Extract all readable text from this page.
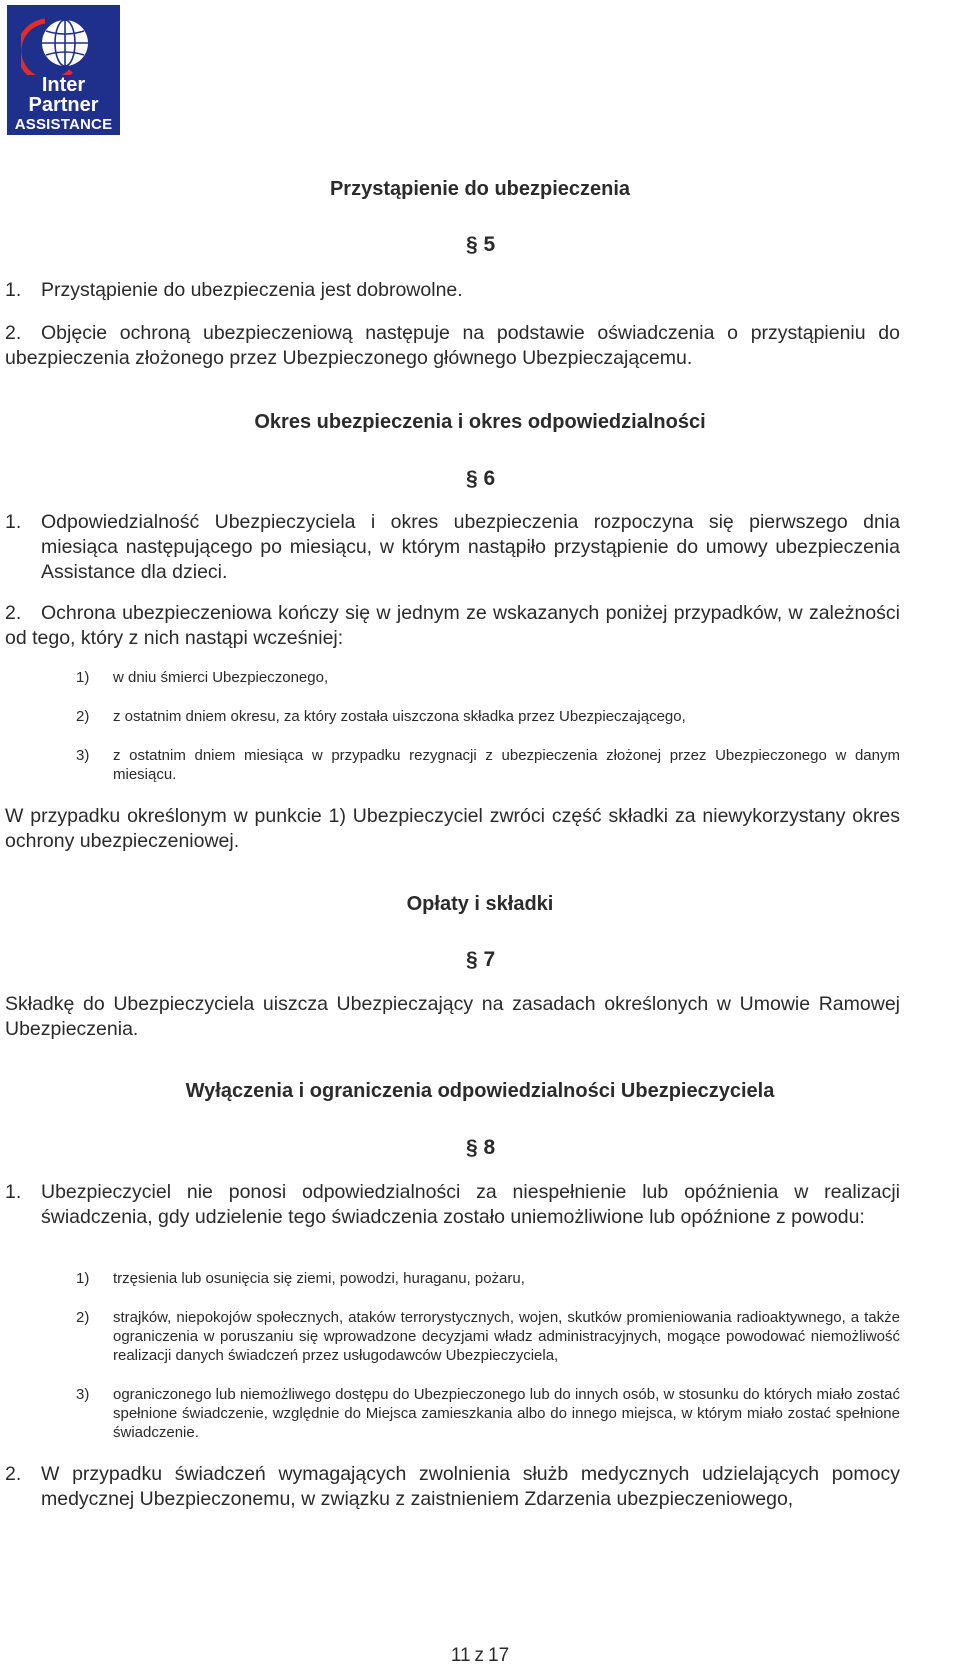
Inter
Partner
ASSISTANCE
Przystąpienie do ubezpieczenia
§ 5
1.	Przystąpienie do ubezpieczenia jest dobrowolne.
2. Objęcie ochroną ubezpieczeniową następuje na podstawie oświadczenia o przystąpieniu do ubezpieczenia złożonego przez Ubezpieczonego głównego Ubezpieczającemu.
Okres ubezpieczenia i okres odpowiedzialności
§ 6
1.	Odpowiedzialność Ubezpieczyciela i okres ubezpieczenia rozpoczyna się pierwszego dnia miesiąca następującego po miesiącu, w którym nastąpiło przystąpienie do umowy ubezpieczenia Assistance dla dzieci.
2. Ochrona ubezpieczeniowa kończy się w jednym ze wskazanych poniżej przypadków, w zależności od tego, który z nich nastąpi wcześniej:
1) w dniu śmierci Ubezpieczonego,
2) z ostatnim dniem okresu, za który została uiszczona składka przez Ubezpieczającego,
3) z ostatnim dniem miesiąca w przypadku rezygnacji z ubezpieczenia złożonej przez Ubezpieczonego w danym miesiącu.
W przypadku określonym w punkcie 1) Ubezpieczyciel zwróci część składki za niewykorzystany okres ochrony ubezpieczeniowej.
Opłaty i składki
§ 7
Składkę do Ubezpieczyciela uiszcza Ubezpieczający na zasadach określonych w Umowie Ramowej Ubezpieczenia.
Wyłączenia i ograniczenia odpowiedzialności Ubezpieczyciela
§ 8
1.	Ubezpieczyciel nie ponosi odpowiedzialności za niespełnienie lub opóźnienia w realizacji świadczenia, gdy udzielenie tego świadczenia zostało uniemożliwione lub opóźnione z powodu:
1) trzęsienia lub osunięcia się ziemi, powodzi, huraganu, pożaru,
2) strajków, niepokojów społecznych, ataków terrorystycznych, wojen, skutków promieniowania radioaktywnego, a także ograniczenia w poruszaniu się wprowadzone decyzjami władz administracyjnych, mogące powodować niemożliwość realizacji danych świadczeń przez usługodawców Ubezpieczyciela,
3) ograniczonego lub niemożliwego dostępu do Ubezpieczonego lub do innych osób, w stosunku do których miało zostać spełnione świadczenie, względnie do Miejsca zamieszkania albo do innego miejsca, w którym miało zostać spełnione świadczenie.
2.	W przypadku świadczeń wymagających zwolnienia służb medycznych udzielających pomocy medycznej Ubezpieczonemu, w związku z zaistnieniem Zdarzenia ubezpieczeniowego,
11 z 17
